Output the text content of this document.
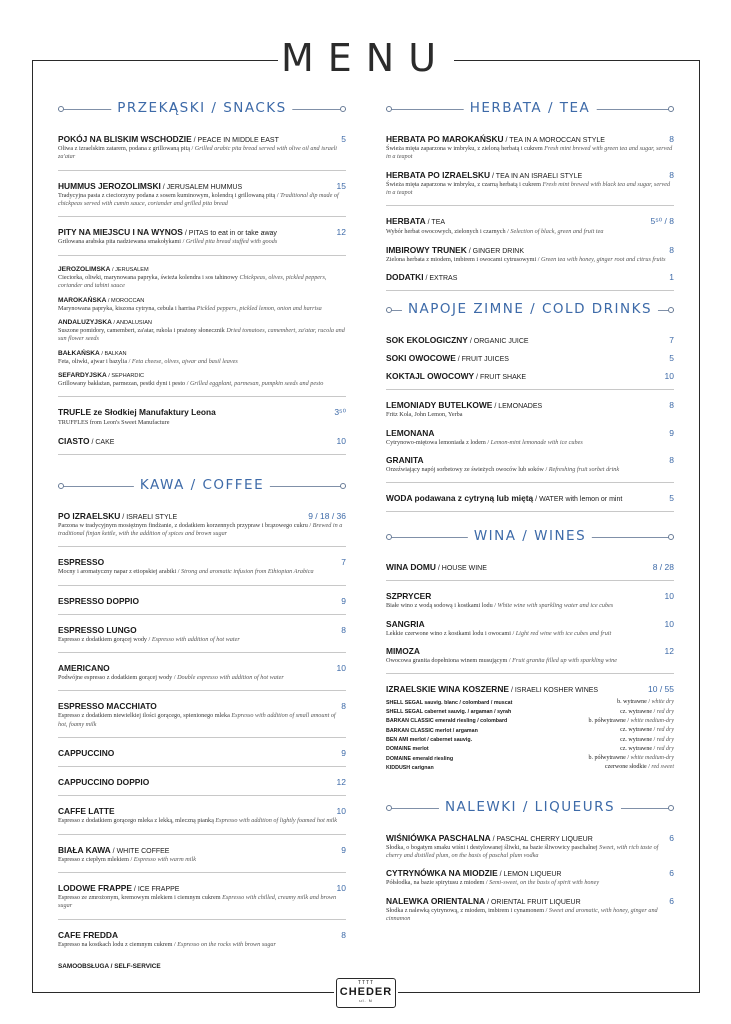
MENU
PRZEKĄSKI / SNACKS
POKÓJ NA BLISKIM WSCHODZIE / PEACE IN MIDDLE EAST	5
Oliwa z izraelskim zatarem, podana z grillowaną pitą / Grilled arabic pita bread served with olive oil and israeli za'atar
HUMMUS JEROZOLIMSKI / JERUSALEM HUMMUS	15
Tradycyjna pasta z cieciorzyny podana z sosem kuminowym, kolendrą i grillowaną pitą / Traditional dip made of chickpeas served with cumin sauce, coriander and grilled pita bread
PITY NA MIEJSCU I NA WYNOS / PITAS to eat in or take away	12
Grilowana arabska pita nadziewana smakołykami / Grilled pita bread stuffed with goods
JEROZOLIMSKA / JERUSALEM
Cieciorka, oliwki, marynowana papryka, świeża kolendra i sos tahinowy Chickpeas, olives, pickled peppers, coriander and tahini sauce
MAROKAŃSKA / MOROCCAN
Marynowana papryka, kiszona cytryna, cebula i harrisa Pickled peppers, pickled lemon, onion and harrisa
ANDALUZYJSKA / ANDALUSIAN
Suszone pomidory, camembert, za'atar, rukola i prażony słonecznik Dried tomatoes, camembert, za'atar, rucola and sun flower seeds
BAŁKAŃSKA / BALKAN
Feta, oliwki, ajwar i bazylia / Feta cheese, olives, ajwar and basil leaves
SEFARDYJSKA / SEPHARDIC
Grillowany bakłażan, parmezan, pestki dyni i pesto / Grilled eggplant, parmesan, pumpkin seeds and pesto
TRUFLE ze Słodkiej Manufaktury Leona	3⁵⁰
TRUFFLES from Leon's Sweet Manufacture
CIASTO / CAKE	10
KAWA / COFFEE
PO IZRAELSKU / ISRAELI STYLE	9 / 18 / 36
Parzona w tradycyjnym mosiężnym findżanie, z dodatkiem korzennych przypraw i brązowego cukru / Brewed in a traditional finjan kettle, with the addition of spices and brown sugar
ESPRESSO	7
Mocny i aromatyczny napar z etiopskiej arabiki / Strong and aromatic infusion from Ethiopian Arabica
ESPRESSO DOPPIO	9
ESPRESSO LUNGO	8
Espresso z dodatkiem gorącej wody / Espresso with addition of hot water
AMERICANO	10
Podwójne espresso z dodatkiem gorącej wody / Double espresso with addition of hot water
ESPRESSO MACCHIATO	8
Espresso z dodatkiem niewielkiej ilości gorącego, spienionego mleka Espresso with addition of small amount of hot, foamy milk
CAPPUCCINO	9
CAPPUCCINO DOPPIO	12
CAFFE LATTE	10
Espresso z dodatkiem gorącego mleka z lekką, mleczną pianką Espresso with addition of lightly foamed hot milk
BIAŁA KAWA / WHITE COFFEE	9
Espresso z ciepłym mlekiem / Espresso with warm milk
LODOWE FRAPPE / ICE FRAPPE	10
Espresso ze zmrożonym, kremowym mlekiem i ciemnym cukrem Espresso with chilled, creamy milk and brown sugar
CAFE FREDDA	8
Espresso na kostkach lodu z ciemnym cukrem / Espresso on the rocks with brown sugar
SAMOOBSŁUGA / SELF-SERVICE
HERBATA / TEA
HERBATA PO MAROKAŃSKU / TEA IN A MOROCCAN STYLE	8
Świeża mięta zaparzona w imbryku, z zieloną herbatą i cukrem Fresh mint brewed with green tea and sugar, served in a teapot
HERBATA PO IZRAELSKU / TEA IN AN ISRAELI STYLE	8
Świeża mięta zaparzona w imbryku, z czarną herbatą i cukrem Fresh mint brewed with black tea and sugar, served in a teapot
HERBATA / TEA	5⁵⁰ / 8
Wybór herbat owocowych, zielonych i czarnych / Selection of black, green and fruit tea
IMBIROWY TRUNEK / GINGER DRINK	8
Zielona herbata z miodem, imbirem i owocami cytrusowymi / Green tea with honey, ginger root and citrus fruits
DODATKI / EXTRAS	1
NAPOJE ZIMNE / COLD DRINKS
SOK EKOLOGICZNY / ORGANIC JUICE	7
SOKI OWOCOWE / FRUIT JUICES	5
KOKTAJL OWOCOWY / FRUIT SHAKE	10
LEMONIADY BUTELKOWE / LEMONADES	8
Fritz Kola, John Lemon, Yerba
LEMONANA	9
Cytrynowo-miętowa lemoniada z lodem / Lemon-mint lemonade with ice cubes
GRANITA	8
Orzeźwiający napój sorbetowy ze świeżych owoców lub soków / Refreshing fruit sorbet drink
WODA podawana z cytryną lub miętą / WATER with lemon or mint	5
WINA / WINES
WINA DOMU / HOUSE WINE	8 / 28
SZPRYCER	10
Białe wino z wodą sodową i kostkami lodu / White wine with sparkling water and ice cubes
SANGRIA	10
Lekkie czerwone wino z kostkami lodu i owocami / Light red wine with ice cubes and fruit
MIMOZA	12
Owocowa granita dopełniona winem musującym / Fruit granita filled up with sparkling wine
IZRAELSKIE WINA KOSZERNE / ISRAELI KOSHER WINES	10 / 55
SHELL SEGAL sauvig. blanc / colombard / muscat	b. wytrawne / white dry
SHELL SEGAL cabernet sauvig. / argaman / syrah	cz. wytrawne / red dry
BARKAN CLASSIC emerald riesling / colombard	b. półwytrawne / white medium-dry
BARKAN CLASSIC merlot / argaman	cz. wytrawne / red dry
BEN AMI merlot / cabernet sauvig.	cz. wytrawne / red dry
DOMAINE merlot	cz. wytrawne / red dry
DOMAINE emerald riesling	b. półwytrawne / white medium-dry
KIDDUSH carignan	czerwone słodkie / red sweet
NALEWKI / LIQUEURS
WIŚNIÓWKA PASCHALNA / PASCHAL CHERRY LIQUEUR	6
Słodka, o bogatym smaku wiśni i destylowanej śliwki, na bazie śliwowicy paschalnej Sweet, with rich taste of cherry and distilled plum, on the basis of paschal plum vodka
CYTRYNÓWKA NA MIODZIE / LEMON LIQUEUR	6
Półsłodka, na bazie spirytusu z miodem / Semi-sweet, on the basis of spirit with honey
NALEWKA ORIENTALNA / ORIENTAL FRUIT LIQUEUR	6
Słodka z nalewką cytrynową, z miodem, imbirem i cynamonem / Sweet and aromatic, with honey, ginger and cinnamon
TTTT
CHEDER
ul. N
